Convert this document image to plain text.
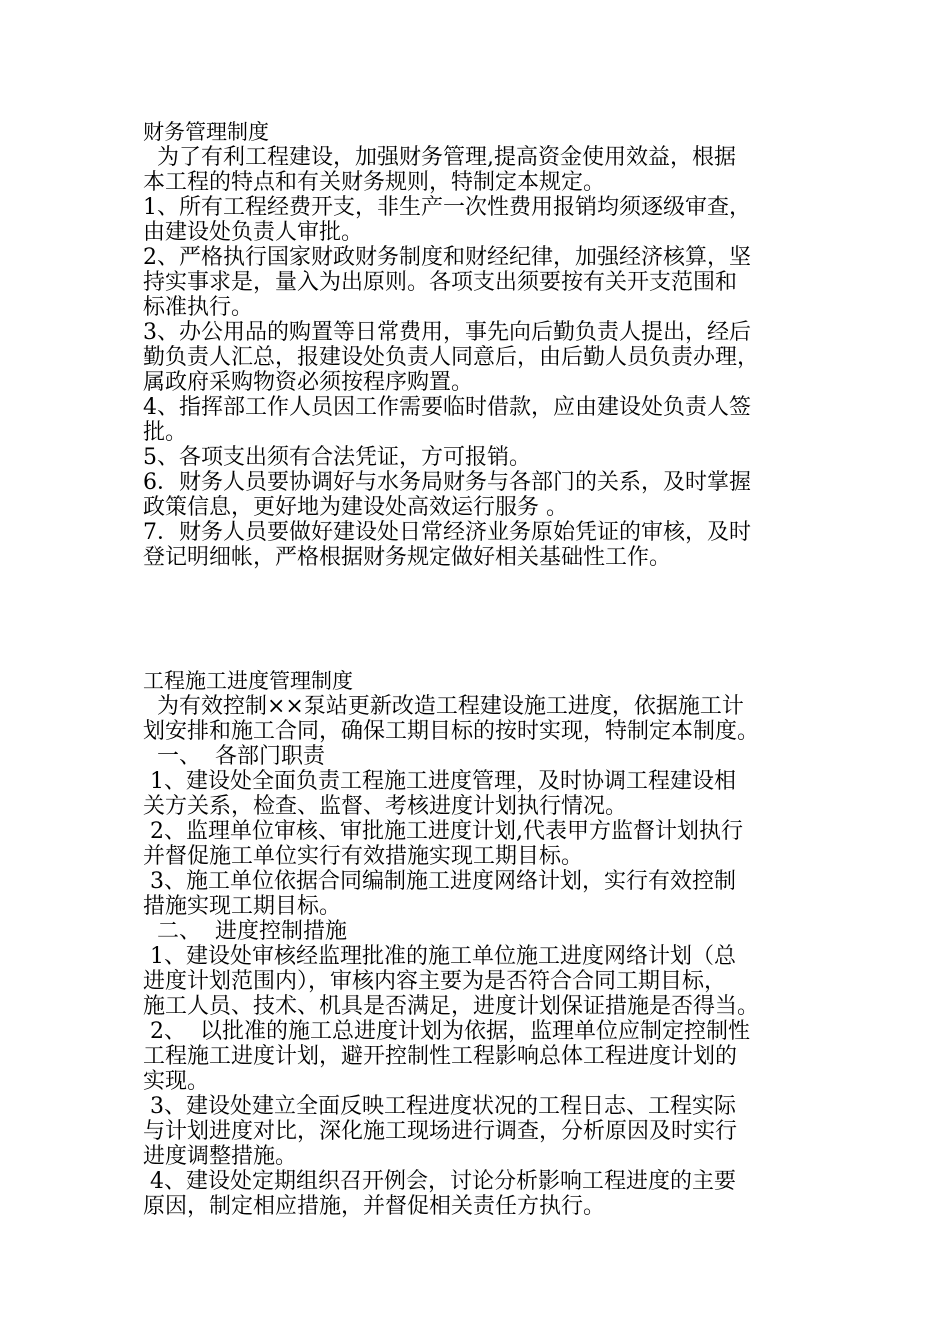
财务管理制度
为了有利工程建设，加强财务管理,提高资金使用效益，根据
本工程的特点和有关财务规则，特制定本规定。
1、所有工程经费开支，非生产一次性费用报销均须逐级审查，
由建设处负责人审批。
2、严格执行国家财政财务制度和财经纪律，加强经济核算，坚
持实事求是，量入为出原则。各项支出须要按有关开支范围和
标准执行。
3、办公用品的购置等日常费用，事先向后勤负责人提出，经后
勤负责人汇总，报建设处负责人同意后，由后勤人员负责办理，
属政府采购物资必须按程序购置。
4、指挥部工作人员因工作需要临时借款，应由建设处负责人签
批。
5、各项支出须有合法凭证，方可报销。
6．财务人员要协调好与水务局财务与各部门的关系，及时掌握
政策信息，更好地为建设处高效运行服务 。
7．财务人员要做好建设处日常经济业务原始凭证的审核，及时
登记明细帐，严格根据财务规定做好相关基础性工作。
工程施工进度管理制度
为有效控制××泵站更新改造工程建设施工进度，依据施工计
划安排和施工合同，确保工期目标的按时实现，特制定本制度。
一、  各部门职责
1、建设处全面负责工程施工进度管理，及时协调工程建设相
关方关系，检查、监督、考核进度计划执行情况。
2、监理单位审核、审批施工进度计划,代表甲方监督计划执行
并督促施工单位实行有效措施实现工期目标。
3、施工单位依据合同编制施工进度网络计划，实行有效控制
措施实现工期目标。
二、  进度控制措施
1、建设处审核经监理批准的施工单位施工进度网络计划（总
进度计划范围内），审核内容主要为是否符合合同工期目标，
施工人员、技术、机具是否满足，进度计划保证措施是否得当。
2、  以批准的施工总进度计划为依据，监理单位应制定控制性
工程施工进度计划，避开控制性工程影响总体工程进度计划的
实现。
3、建设处建立全面反映工程进度状况的工程日志、工程实际
与计划进度对比，深化施工现场进行调查，分析原因及时实行
进度调整措施。
4、建设处定期组织召开例会，讨论分析影响工程进度的主要
原因，制定相应措施，并督促相关责任方执行。
